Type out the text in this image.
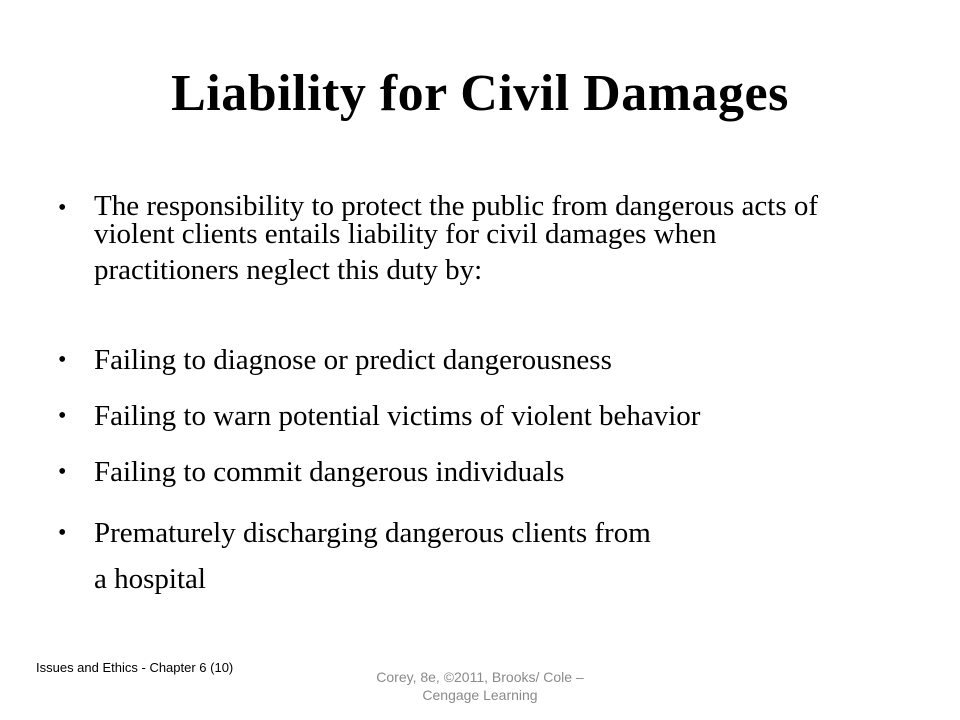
Liability for Civil Damages
• The responsibility to protect the public from dangerous acts of
violent clients entails liability for civil damages when
practitioners neglect this duty by:
• Failing to diagnose or predict dangerousness
• Failing to warn potential victims of violent behavior
• Failing to commit dangerous individuals
• Prematurely discharging dangerous clients from
a hospital
Issues and Ethics - Chapter 6 (10)
Corey, 8e, ©2011, Brooks/ Cole – Cengage Learning
